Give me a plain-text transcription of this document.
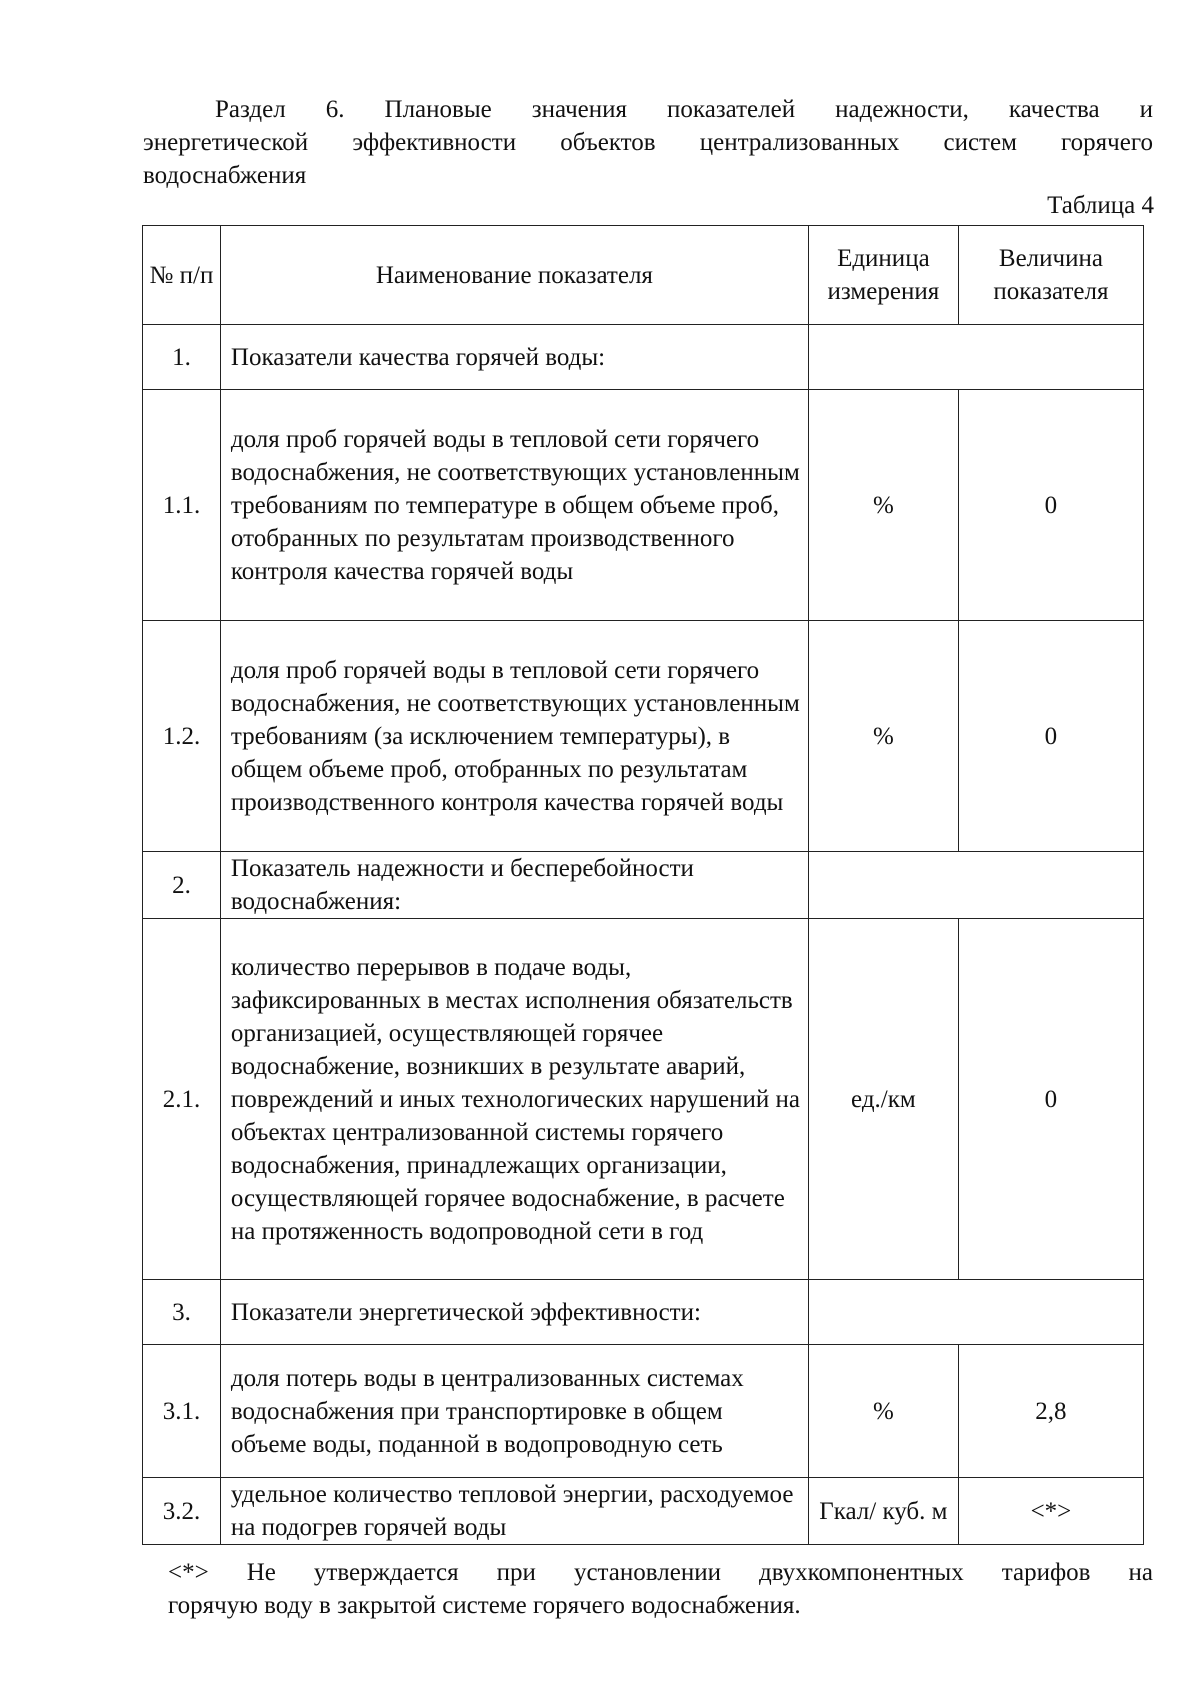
Раздел 6. Плановые значения показателей надежности, качества и
энергетической эффективности объектов централизованных систем горячего
водоснабжения
Таблица 4
№ п/п	Наименование показателя	Единица измерения	Величина показателя
1.	Показатели качества горячей воды:		
1.1.	доля проб горячей воды в тепловой сети горячего водоснабжения, не соответствующих установленным требованиям по температуре в общем объеме проб, отобранных по результатам производственного контроля качества горячей воды	%	0
1.2.	доля проб горячей воды в тепловой сети горячего водоснабжения, не соответствующих установленным требованиям (за исключением температуры), в общем объеме проб, отобранных по результатам производственного контроля качества горячей воды	%	0
2.	Показатель надежности и бесперебойности водоснабжения:		
2.1.	количество перерывов в подаче воды, зафиксированных в местах исполнения обязательств организацией, осуществляющей горячее водоснабжение, возникших в результате аварий, повреждений и иных технологических нарушений на объектах централизованной системы горячего водоснабжения, принадлежащих организации, осуществляющей горячее водоснабжение, в расчете на протяженность водопроводной сети в год	ед./км	0
3.	Показатели энергетической эффективности:		
3.1.	доля потерь воды в централизованных системах водоснабжения при транспортировке в общем объеме воды, поданной в водопроводную сеть	%	2,8
3.2.	удельное количество тепловой энергии, расходуемое на подогрев горячей воды	Гкал/ куб. м	<*>
<*> Не утверждается при установлении двухкомпонентных тарифов на
горячую воду в закрытой системе горячего водоснабжения.
